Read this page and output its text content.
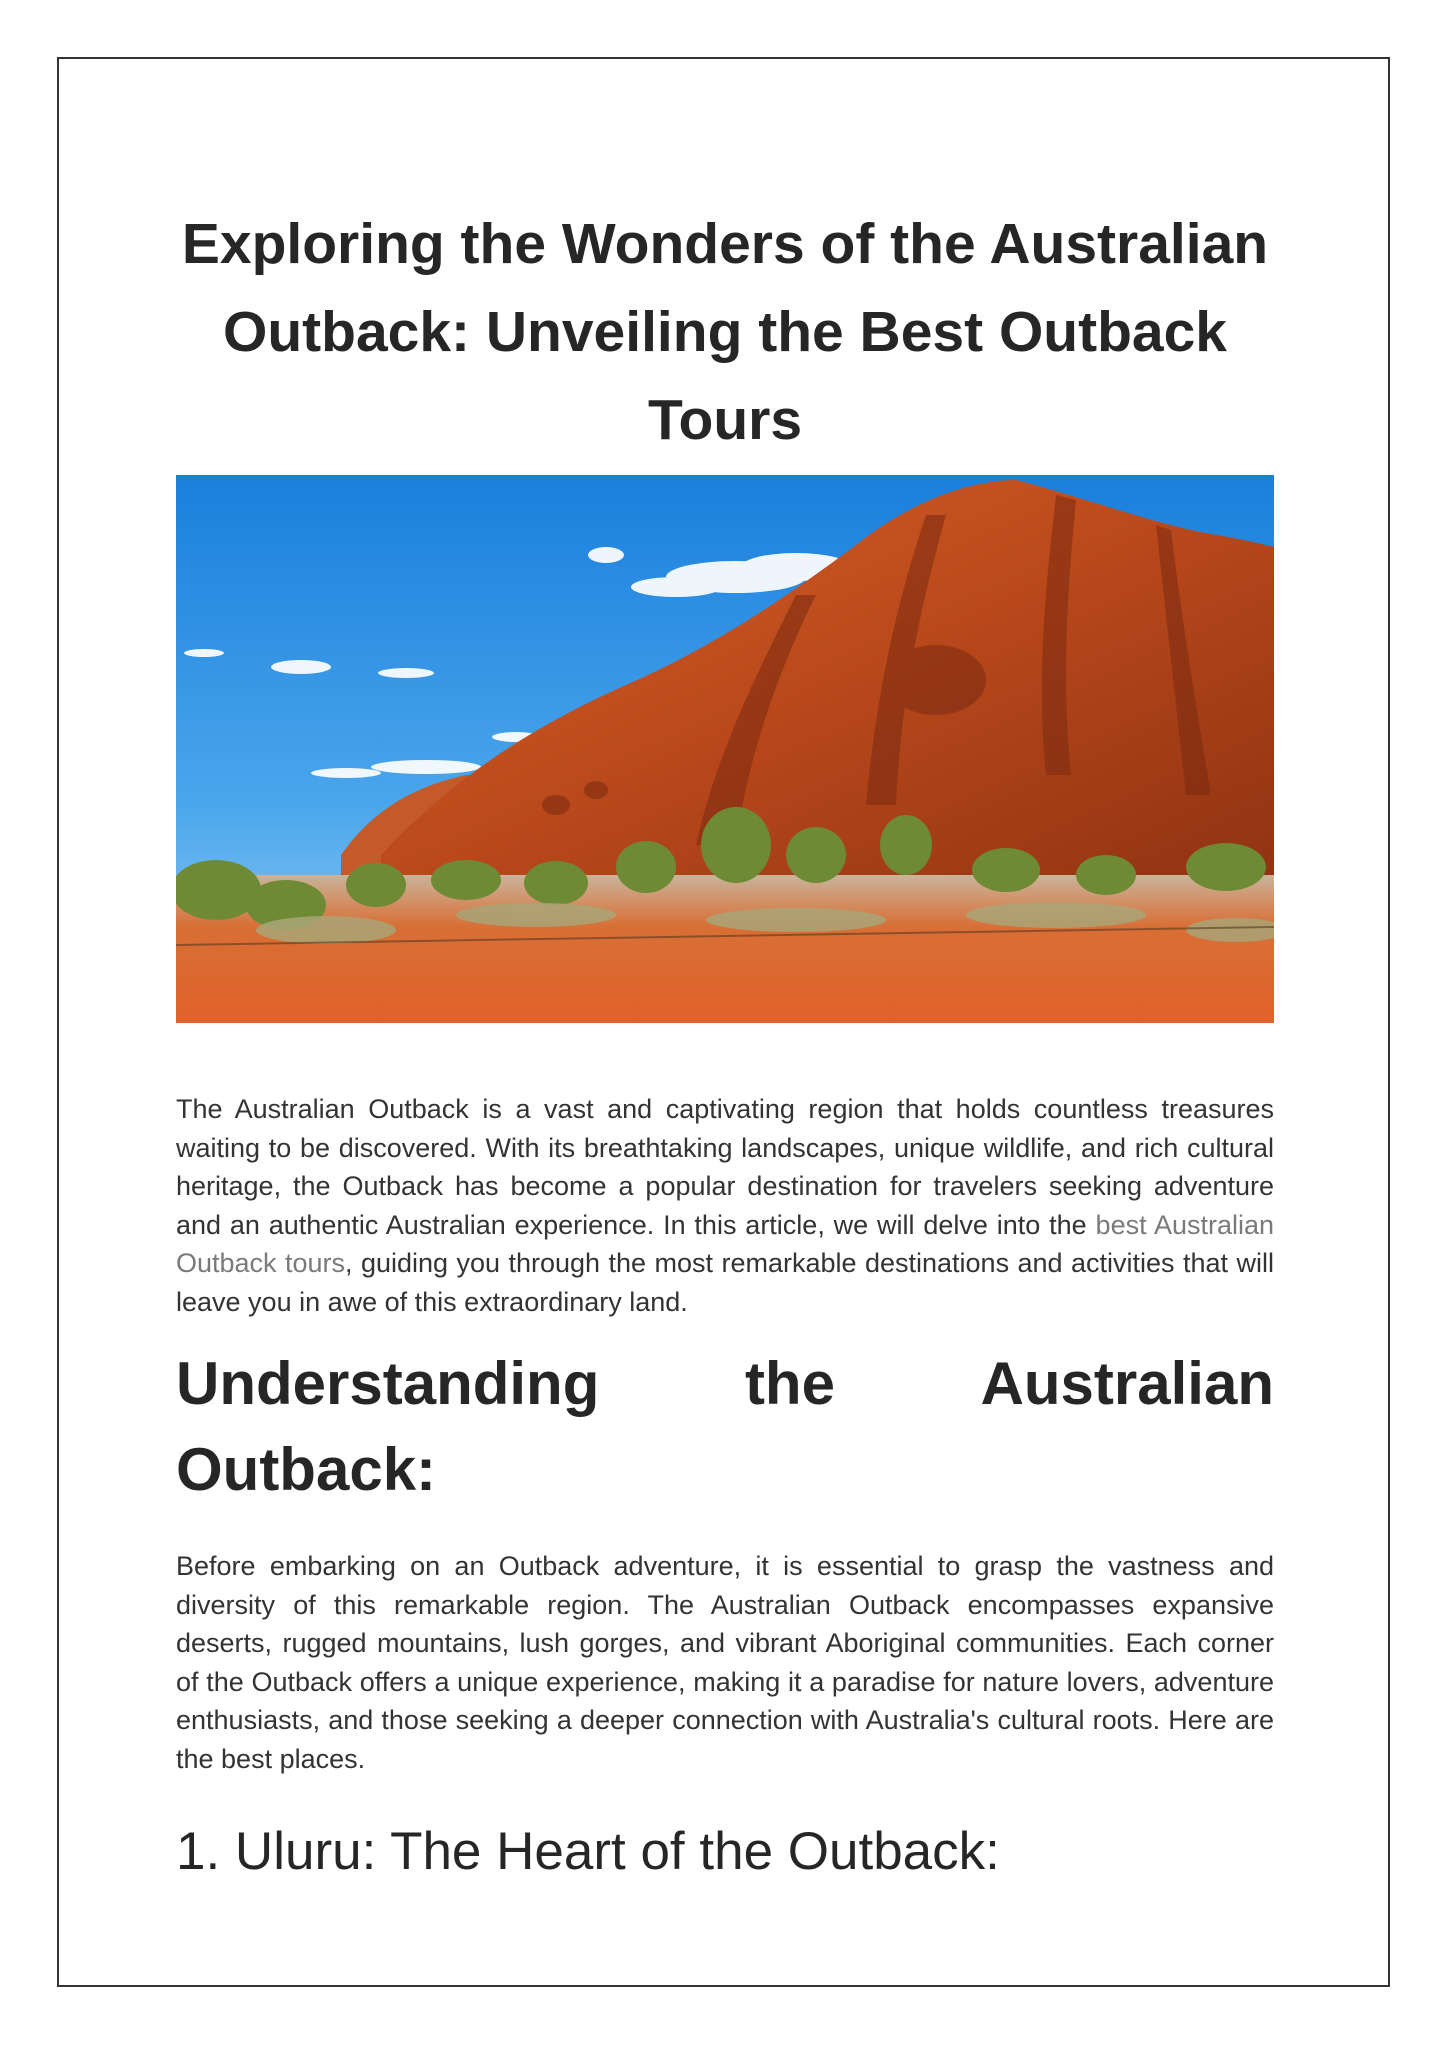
Exploring the Wonders of the Australian Outback: Unveiling the Best Outback Tours

The Australian Outback is a vast and captivating region that holds countless treasures waiting to be discovered. With its breathtaking landscapes, unique wildlife, and rich cultural heritage, the Outback has become a popular destination for travelers seeking adventure and an authentic Australian experience. In this article, we will delve into the best Australian Outback tours, guiding you through the most remarkable destinations and activities that will leave you in awe of this extraordinary land.

Understanding the Australian
Outback:

Before embarking on an Outback adventure, it is essential to grasp the vastness and diversity of this remarkable region. The Australian Outback encompasses expansive deserts, rugged mountains, lush gorges, and vibrant Aboriginal communities. Each corner of the Outback offers a unique experience, making it a paradise for nature lovers, adventure enthusiasts, and those seeking a deeper connection with Australia's cultural roots. Here are the best places.

1. Uluru: The Heart of the Outback:
